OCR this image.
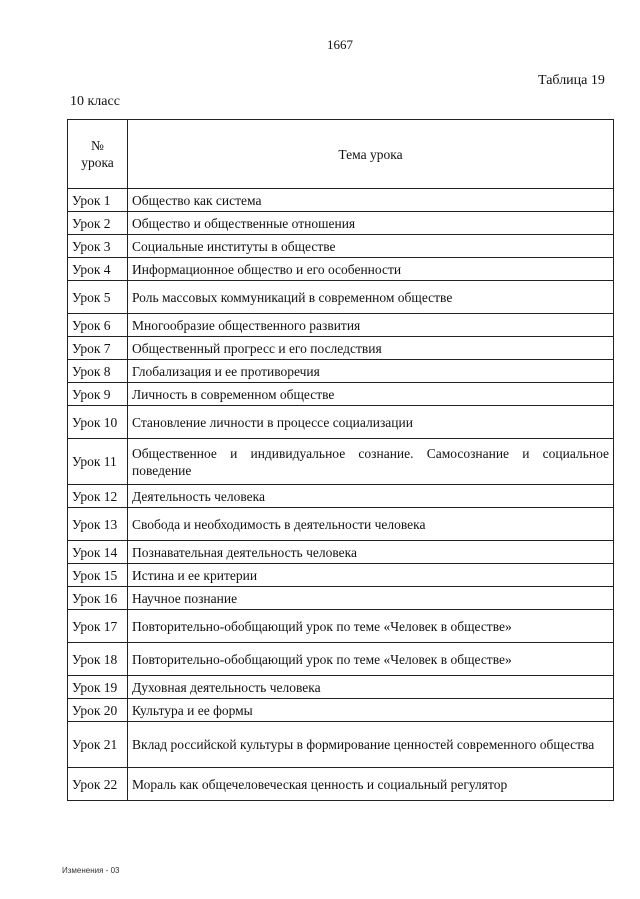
1667
Таблица 19
10 класс
№
урока	Тема урока
Урок 1	Общество как система
Урок 2	Общество и общественные отношения
Урок 3	Социальные институты в обществе
Урок 4	Информационное общество и его особенности
Урок 5	Роль массовых коммуникаций в современном обществе
Урок 6	Многообразие общественного развития
Урок 7	Общественный прогресс и его последствия
Урок 8	Глобализация и ее противоречия
Урок 9	Личность в современном обществе
Урок 10	Становление личности в процессе социализации
Урок 11	Общественное и индивидуальное сознание. Самосознание и социальное поведение
Урок 12	Деятельность человека
Урок 13	Свобода и необходимость в деятельности человека
Урок 14	Познавательная деятельность человека
Урок 15	Истина и ее критерии
Урок 16	Научное познание
Урок 17	Повторительно-обобщающий урок по теме «Человек в обществе»
Урок 18	Повторительно-обобщающий урок по теме «Человек в обществе»
Урок 19	Духовная деятельность человека
Урок 20	Культура и ее формы
Урок 21	Вклад российской культуры в формирование ценностей современного общества
Урок 22	Мораль как общечеловеческая ценность и социальный регулятор
Изменения - 03
